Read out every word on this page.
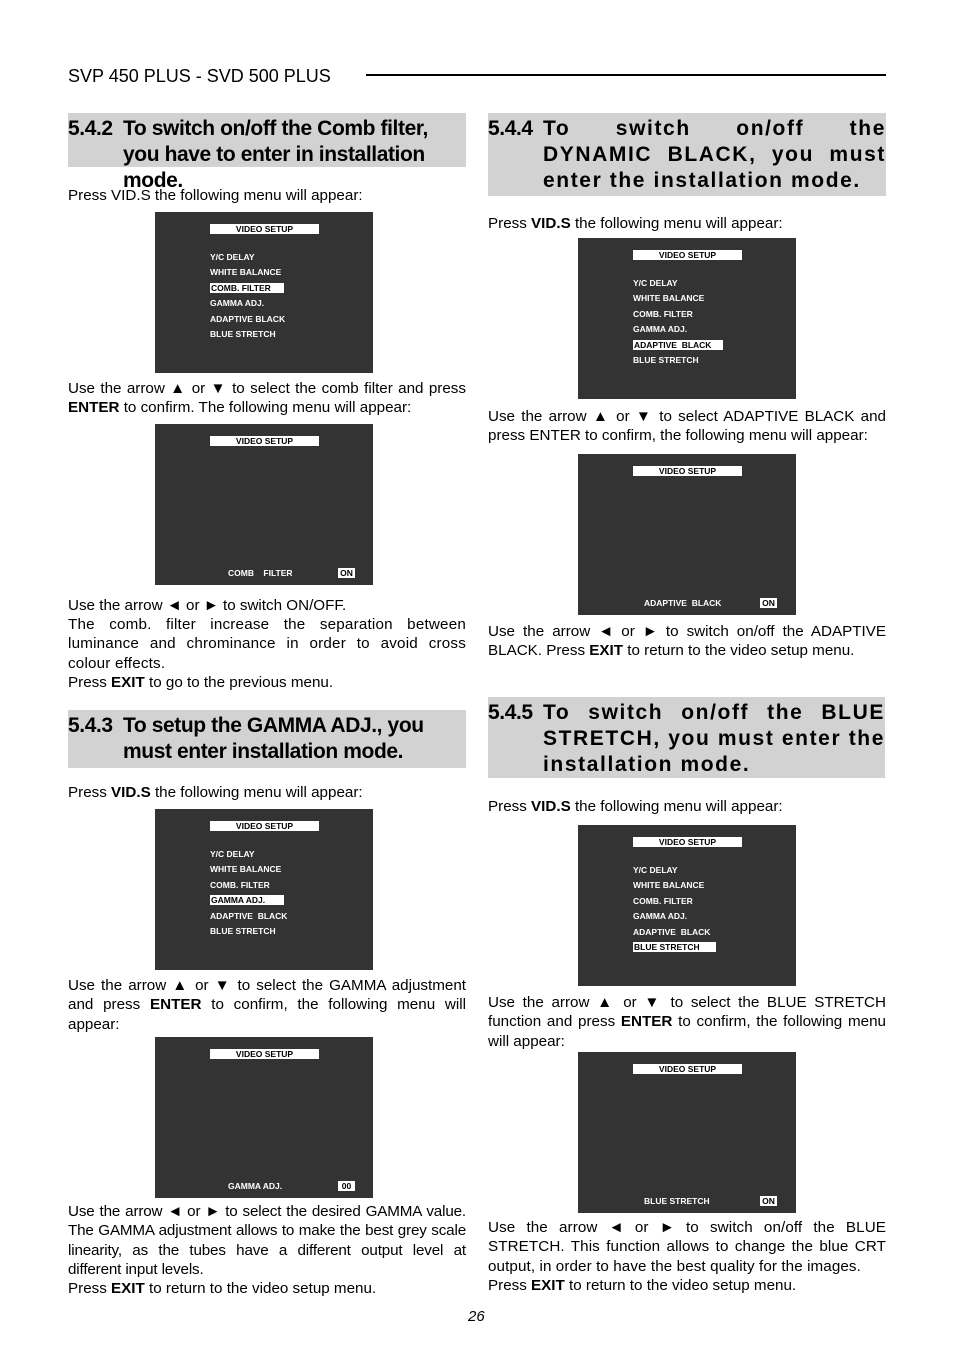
SVP 450 PLUS - SVD 500 PLUS
5.4.2 To switch on/off the Comb filter, you have to enter in installation mode.
Press VID.S the following menu will appear:
VIDEO SETUP
Y/C DELAY
WHITE BALANCE
COMB. FILTER
GAMMA ADJ.
ADAPTIVE BLACK
BLUE STRETCH
Use the arrow ▲ or ▼ to select the comb filter and press ENTER to confirm. The following menu will appear:
VIDEO SETUP
COMB    FILTER	ON
Use the arrow ◄ or ► to switch ON/OFF.
The comb. filter increase the separation between luminance and chrominance in order to avoid cross colour effects.
Press EXIT to go to the previous menu.
5.4.3 To setup the GAMMA ADJ., you must enter installation mode.
Press VID.S the following menu will appear:
VIDEO SETUP
Y/C DELAY
WHITE BALANCE
COMB. FILTER
GAMMA ADJ.
ADAPTIVE  BLACK
BLUE STRETCH
Use the arrow ▲ or ▼ to select the GAMMA adjustment and press ENTER to confirm, the following menu will appear:
VIDEO SETUP
GAMMA ADJ.	00
Use the arrow ◄ or ► to select the desired GAMMA value. The GAMMA adjustment allows to make the best grey scale linearity, as the tubes have a different output level at different input levels.
Press EXIT to return to the video setup menu.
5.4.4 To switch on/off the DYNAMIC BLACK, you must enter the installation mode.
Press VID.S the following menu will appear:
VIDEO SETUP
Y/C DELAY
WHITE BALANCE
COMB. FILTER
GAMMA ADJ.
ADAPTIVE  BLACK
BLUE STRETCH
Use the arrow ▲ or ▼ to select ADAPTIVE BLACK and press ENTER to confirm, the following menu will appear:
VIDEO SETUP
ADAPTIVE  BLACK	ON
Use the arrow ◄ or ► to switch on/off the ADAPTIVE BLACK. Press EXIT to return to the video setup menu.
5.4.5 To switch on/off the BLUE STRETCH, you must enter the installation mode.
Press VID.S the following menu will appear:
VIDEO SETUP
Y/C DELAY
WHITE BALANCE
COMB. FILTER
GAMMA ADJ.
ADAPTIVE  BLACK
BLUE STRETCH
Use the arrow ▲ or ▼ to select the BLUE STRETCH function and press ENTER to confirm, the following menu will appear:
VIDEO SETUP
BLUE STRETCH	ON
Use the arrow ◄ or ► to switch on/off the BLUE STRETCH. This function allows to change the blue CRT output, in order to have the best quality for the images.
Press EXIT to return to the video setup menu.
26
